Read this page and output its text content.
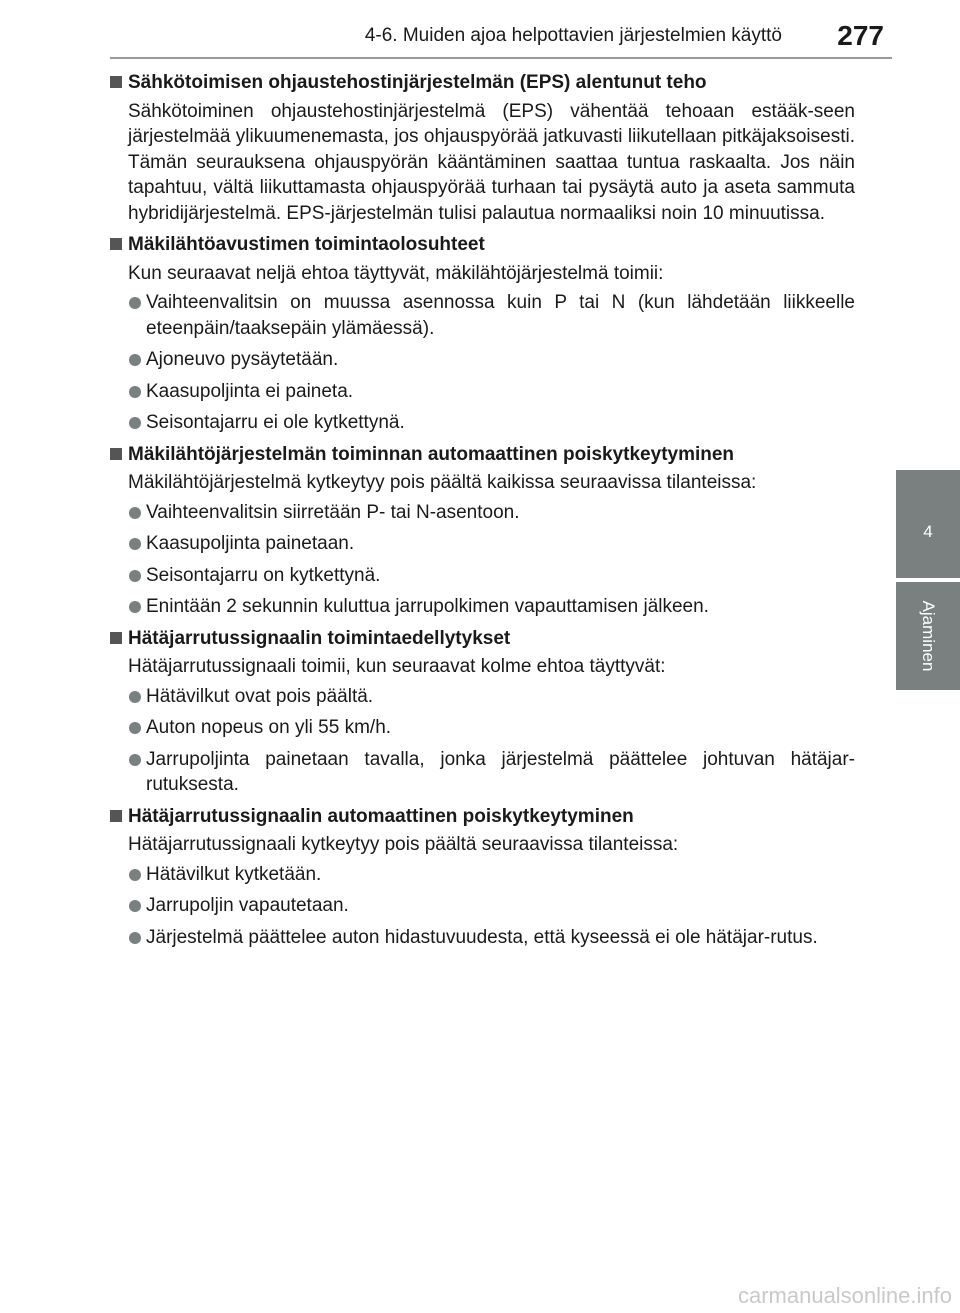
4-6. Muiden ajoa helpottavien järjestelmien käyttö 277
4
Ajaminen
Sähkötoimisen ohjaustehostinjärjestelmän (EPS) alentunut teho
Sähkötoiminen ohjaustehostinjärjestelmä (EPS) vähentää tehoaan estääk-seen järjestelmää ylikuumenemasta, jos ohjauspyörää jatkuvasti liikutellaan pitkäjaksoisesti. Tämän seurauksena ohjauspyörän kääntäminen saattaa tuntua raskaalta. Jos näin tapahtuu, vältä liikuttamasta ohjauspyörää turhaan tai pysäytä auto ja aseta sammuta hybridijärjestelmä. EPS-järjestelmän tulisi palautua normaaliksi noin 10 minuutissa.
Mäkilähtöavustimen toimintaolosuhteet
Kun seuraavat neljä ehtoa täyttyvät, mäkilähtöjärjestelmä toimii:
Vaihteenvalitsin on muussa asennossa kuin P tai N (kun lähdetään liikkeelle eteenpäin/taaksepäin ylämäessä).
Ajoneuvo pysäytetään.
Kaasupoljinta ei paineta.
Seisontajarru ei ole kytkettynä.
Mäkilähtöjärjestelmän toiminnan automaattinen poiskytkeytyminen
Mäkilähtöjärjestelmä kytkeytyy pois päältä kaikissa seuraavissa tilanteissa:
Vaihteenvalitsin siirretään P- tai N-asentoon.
Kaasupoljinta painetaan.
Seisontajarru on kytkettynä.
Enintään 2 sekunnin kuluttua jarrupolkimen vapauttamisen jälkeen.
Hätäjarrutussignaalin toimintaedellytykset
Hätäjarrutussignaali toimii, kun seuraavat kolme ehtoa täyttyvät:
Hätävilkut ovat pois päältä.
Auton nopeus on yli 55 km/h.
Jarrupoljinta painetaan tavalla, jonka järjestelmä päättelee johtuvan hätäjar-rutuksesta.
Hätäjarrutussignaalin automaattinen poiskytkeytyminen
Hätäjarrutussignaali kytkeytyy pois päältä seuraavissa tilanteissa:
Hätävilkut kytketään.
Jarrupoljin vapautetaan.
Järjestelmä päättelee auton hidastuvuudesta, että kyseessä ei ole hätäjar-rutus.
carmanualsonline.info
